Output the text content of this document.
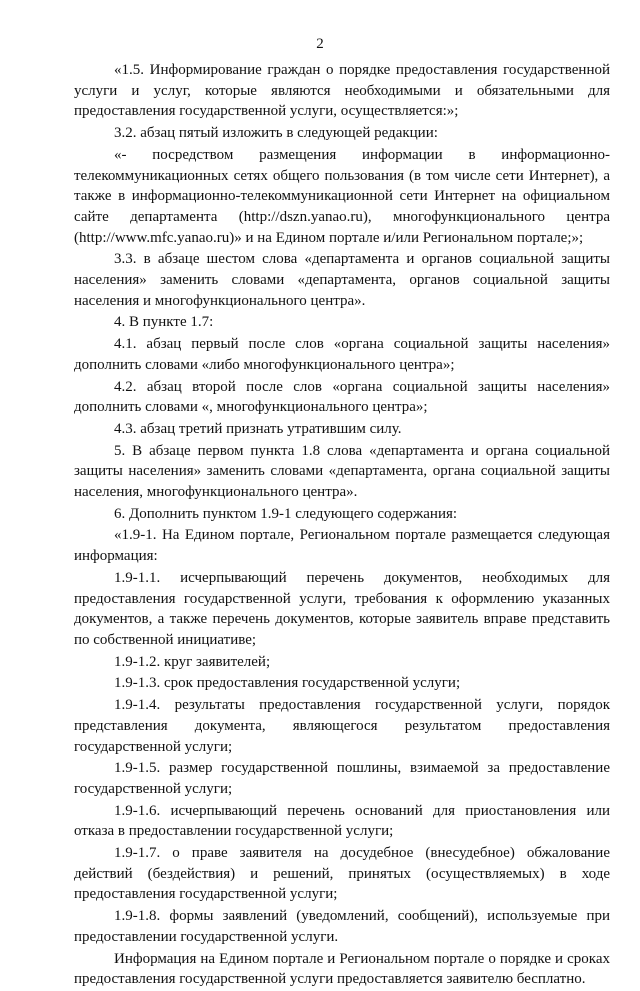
2

«1.5. Информирование граждан о порядке предоставления государственной услуги и услуг, которые являются необходимыми и обязательными для предоставления государственной услуги, осуществляется:»;

3.2. абзац пятый изложить в следующей редакции:

«- посредством размещения информации в информационно-телекоммуникационных сетях общего пользования (в том числе сети Интернет), а также в информационно-телекоммуникационной сети Интернет на официальном сайте департамента (http://dszn.yanao.ru), многофункционального центра (http://www.mfc.yanao.ru)» и на Едином портале и/или Региональном портале;»;

3.3. в абзаце шестом слова «департамента и органов социальной защиты населения» заменить словами «департамента, органов социальной защиты населения и многофункционального центра».

4. В пункте 1.7:

4.1. абзац первый после слов «органа социальной защиты населения» дополнить словами «либо многофункционального центра»;

4.2. абзац второй после слов «органа социальной защиты населения» дополнить словами «, многофункционального центра»;

4.3. абзац третий признать утратившим силу.

5. В абзаце первом пункта 1.8 слова «департамента и органа социальной защиты населения» заменить словами «департамента, органа социальной защиты населения, многофункционального центра».

6. Дополнить пунктом 1.9-1 следующего содержания:

«1.9-1. На Едином портале, Региональном портале размещается следующая информация:

1.9-1.1. исчерпывающий перечень документов, необходимых для предоставления государственной услуги, требования к оформлению указанных документов, а также перечень документов, которые заявитель вправе представить по собственной инициативе;

1.9-1.2. круг заявителей;

1.9-1.3. срок предоставления государственной услуги;

1.9-1.4. результаты предоставления государственной услуги, порядок представления документа, являющегося результатом предоставления государственной услуги;

1.9-1.5. размер государственной пошлины, взимаемой за предоставление государственной услуги;

1.9-1.6. исчерпывающий перечень оснований для приостановления или отказа в предоставлении государственной услуги;

1.9-1.7. о праве заявителя на досудебное (внесудебное) обжалование действий (бездействия) и решений, принятых (осуществляемых) в ходе предоставления государственной услуги;

1.9-1.8. формы заявлений (уведомлений, сообщений), используемые при предоставлении государственной услуги.

Информация на Едином портале и Региональном портале о порядке и сроках предоставления государственной услуги предоставляется заявителю бесплатно.
